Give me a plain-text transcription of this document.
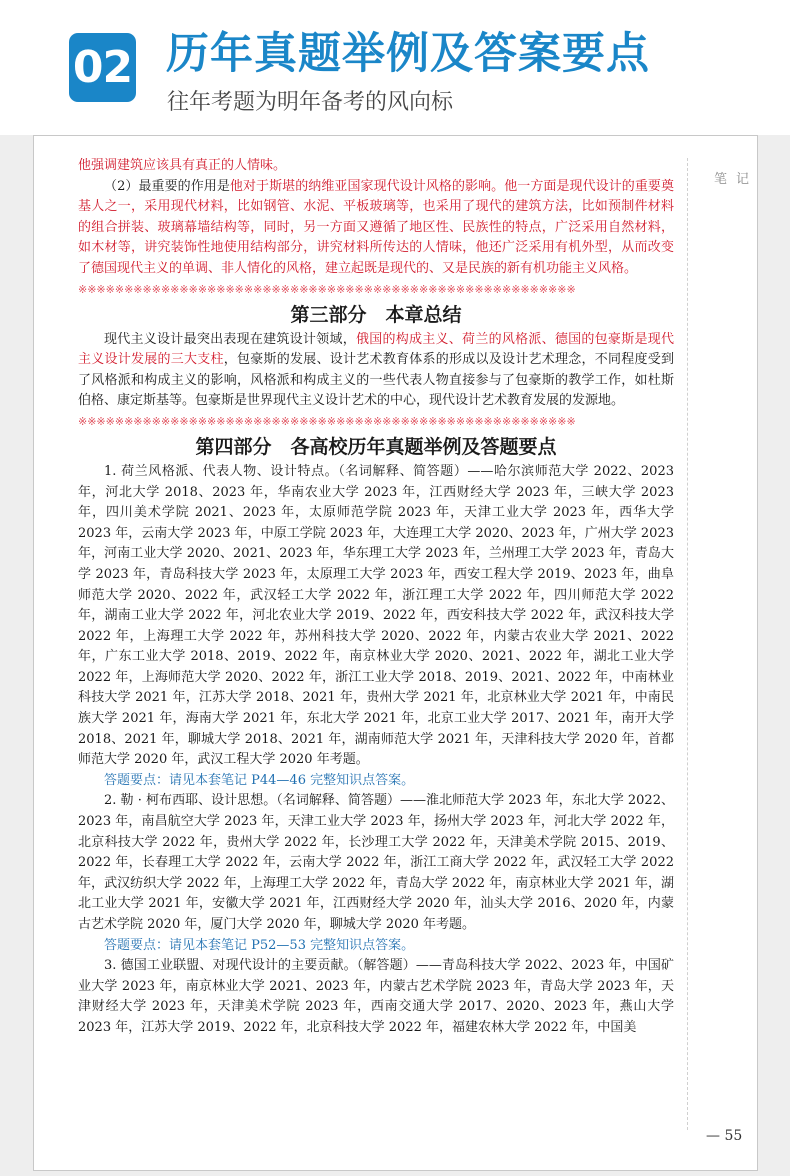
02 历年真题举例及答案要点
往年考题为明年备考的风向标
笔记

他强调建筑应该具有真正的人情味。

（2）最重要的作用是他对于斯堪的纳维亚国家现代设计风格的影响。他一方面是现代设计的重要奠基人之一，采用现代材料，比如钢管、水泥、平板玻璃等，也采用了现代的建筑方法，比如预制件材料的组合拼装、玻璃幕墙结构等，同时，另一方面又遵循了地区性、民族性的特点，广泛采用自然材料，如木材等，讲究装饰性地使用结构部分，讲究材料所传达的人情味，他还广泛采用有机外型，从而改变了德国现代主义的单调、非人情化的风格，建立起既是现代的、又是民族的新有机功能主义风格。

※※※※※※※※※※※※※※※※※※※※※※※※※※※※※※※※※※※※※※※※※※※※※※※※※※※※※※
第三部分　本章总结

现代主义设计最突出表现在建筑设计领域，俄国的构成主义、荷兰的风格派、德国的包豪斯是现代主义设计发展的三大支柱，包豪斯的发展、设计艺术教育体系的形成以及设计艺术理念，不同程度受到了风格派和构成主义的影响，风格派和构成主义的一些代表人物直接参与了包豪斯的教学工作，如杜斯伯格、康定斯基等。包豪斯是世界现代主义设计艺术的中心，现代设计艺术教育发展的发源地。

※※※※※※※※※※※※※※※※※※※※※※※※※※※※※※※※※※※※※※※※※※※※※※※※※※※※※※
第四部分　各高校历年真题举例及答题要点

1. 荷兰风格派、代表人物、设计特点。（名词解释、简答题）——哈尔滨师范大学 2022、2023 年，河北大学 2018、2023 年，华南农业大学 2023 年，江西财经大学 2023 年，三峡大学 2023 年，四川美术学院 2021、2023 年，太原师范学院 2023 年，天津工业大学 2023 年，西华大学 2023 年，云南大学 2023 年，中原工学院 2023 年，大连理工大学 2020、2023 年，广州大学 2023 年，河南工业大学 2020、2021、2023 年，华东理工大学 2023 年，兰州理工大学 2023 年，青岛大学 2023 年，青岛科技大学 2023 年，太原理工大学 2023 年，西安工程大学 2019、2023 年，曲阜师范大学 2020、2022 年，武汉轻工大学 2022 年，浙江理工大学 2022 年，四川师范大学 2022 年，湖南工业大学 2022 年，河北农业大学 2019、2022 年，西安科技大学 2022 年，武汉科技大学 2022 年，上海理工大学 2022 年，苏州科技大学 2020、2022 年，内蒙古农业大学 2021、2022 年，广东工业大学 2018、2019、2022 年，南京林业大学 2020、2021、2022 年，湖北工业大学 2022 年，上海师范大学 2020、2022 年，浙江工业大学 2018、2019、2021、2022 年，中南林业科技大学 2021 年，江苏大学 2018、2021 年，贵州大学 2021 年，北京林业大学 2021 年，中南民族大学 2021 年，海南大学 2021 年，东北大学 2021 年，北京工业大学 2017、2021 年，南开大学 2018、2021 年，聊城大学 2018、2021 年，湖南师范大学 2021 年，天津科技大学 2020 年，首都师范大学 2020 年，武汉工程大学 2020 年考题。

答题要点：请见本套笔记 P44—46 完整知识点答案。

2. 勒 · 柯布西耶、设计思想。（名词解释、简答题）——淮北师范大学 2023 年，东北大学 2022、2023 年，南昌航空大学 2023 年，天津工业大学 2023 年，扬州大学 2023 年，河北大学 2022 年，北京科技大学 2022 年，贵州大学 2022 年，长沙理工大学 2022 年，天津美术学院 2015、2019、2022 年，长春理工大学 2022 年，云南大学 2022 年，浙江工商大学 2022 年，武汉轻工大学 2022 年，武汉纺织大学 2022 年，上海理工大学 2022 年，青岛大学 2022 年，南京林业大学 2021 年，湖北工业大学 2021 年，安徽大学 2021 年，江西财经大学 2020 年，汕头大学 2016、2020 年，内蒙古艺术学院 2020 年，厦门大学 2020 年，聊城大学 2020 年考题。

答题要点：请见本套笔记 P52—53 完整知识点答案。

3. 德国工业联盟、对现代设计的主要贡献。（解答题）——青岛科技大学 2022、2023 年，中国矿业大学 2023 年，南京林业大学 2021、2023 年，内蒙古艺术学院 2023 年，青岛大学 2023 年，天津财经大学 2023 年，天津美术学院 2023 年，西南交通大学 2017、2020、2023 年，燕山大学 2023 年，江苏大学 2019、2022 年，北京科技大学 2022 年，福建农林大学 2022 年，中国美

— 55
